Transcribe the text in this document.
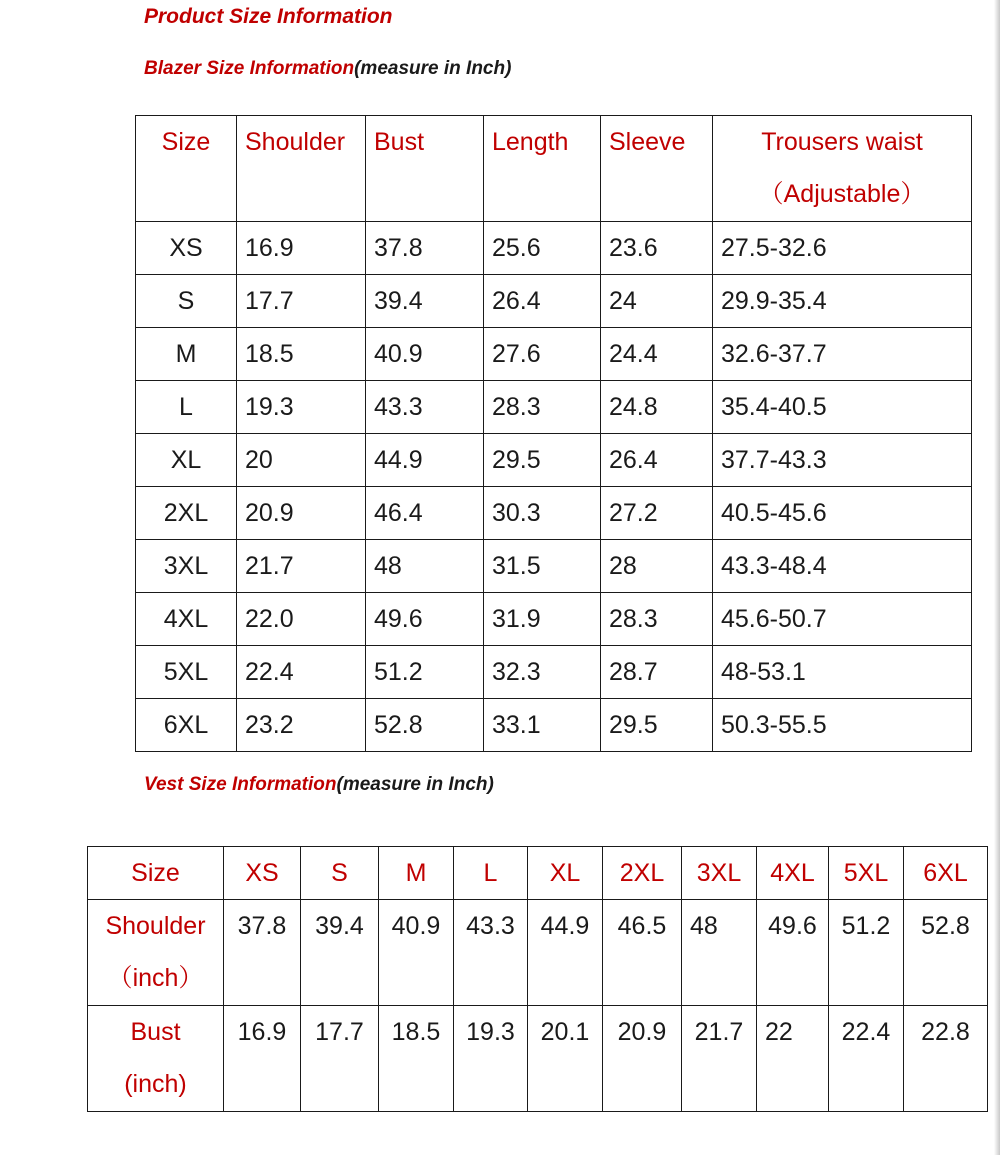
Product Size Information

Blazer Size Information(measure in Inch)

Size	Shoulder	Bust	Length	Sleeve	Trousers waist
（Adjustable）

XS	16.9	37.8	25.6	23.6	27.5-32.6
S	17.7	39.4	26.4	24	29.9-35.4
M	18.5	40.9	27.6	24.4	32.6-37.7
L	19.3	43.3	28.3	24.8	35.4-40.5
XL	20	44.9	29.5	26.4	37.7-43.3
2XL	20.9	46.4	30.3	27.2	40.5-45.6
3XL	21.7	48	31.5	28	43.3-48.4
4XL	22.0	49.6	31.9	28.3	45.6-50.7
5XL	22.4	51.2	32.3	28.7	48-53.1
6XL	23.2	52.8	33.1	29.5	50.3-55.5

Vest Size Information(measure in Inch)

Size	XS	S	M	L	XL	2XL	3XL	4XL	5XL	6XL

Shoulder
（inch）	37.8	39.4	40.9	43.3	44.9	46.5	48	49.6	51.2	52.8

Bust
(inch)	16.9	17.7	18.5	19.3	20.1	20.9	21.7	22	22.4	22.8
